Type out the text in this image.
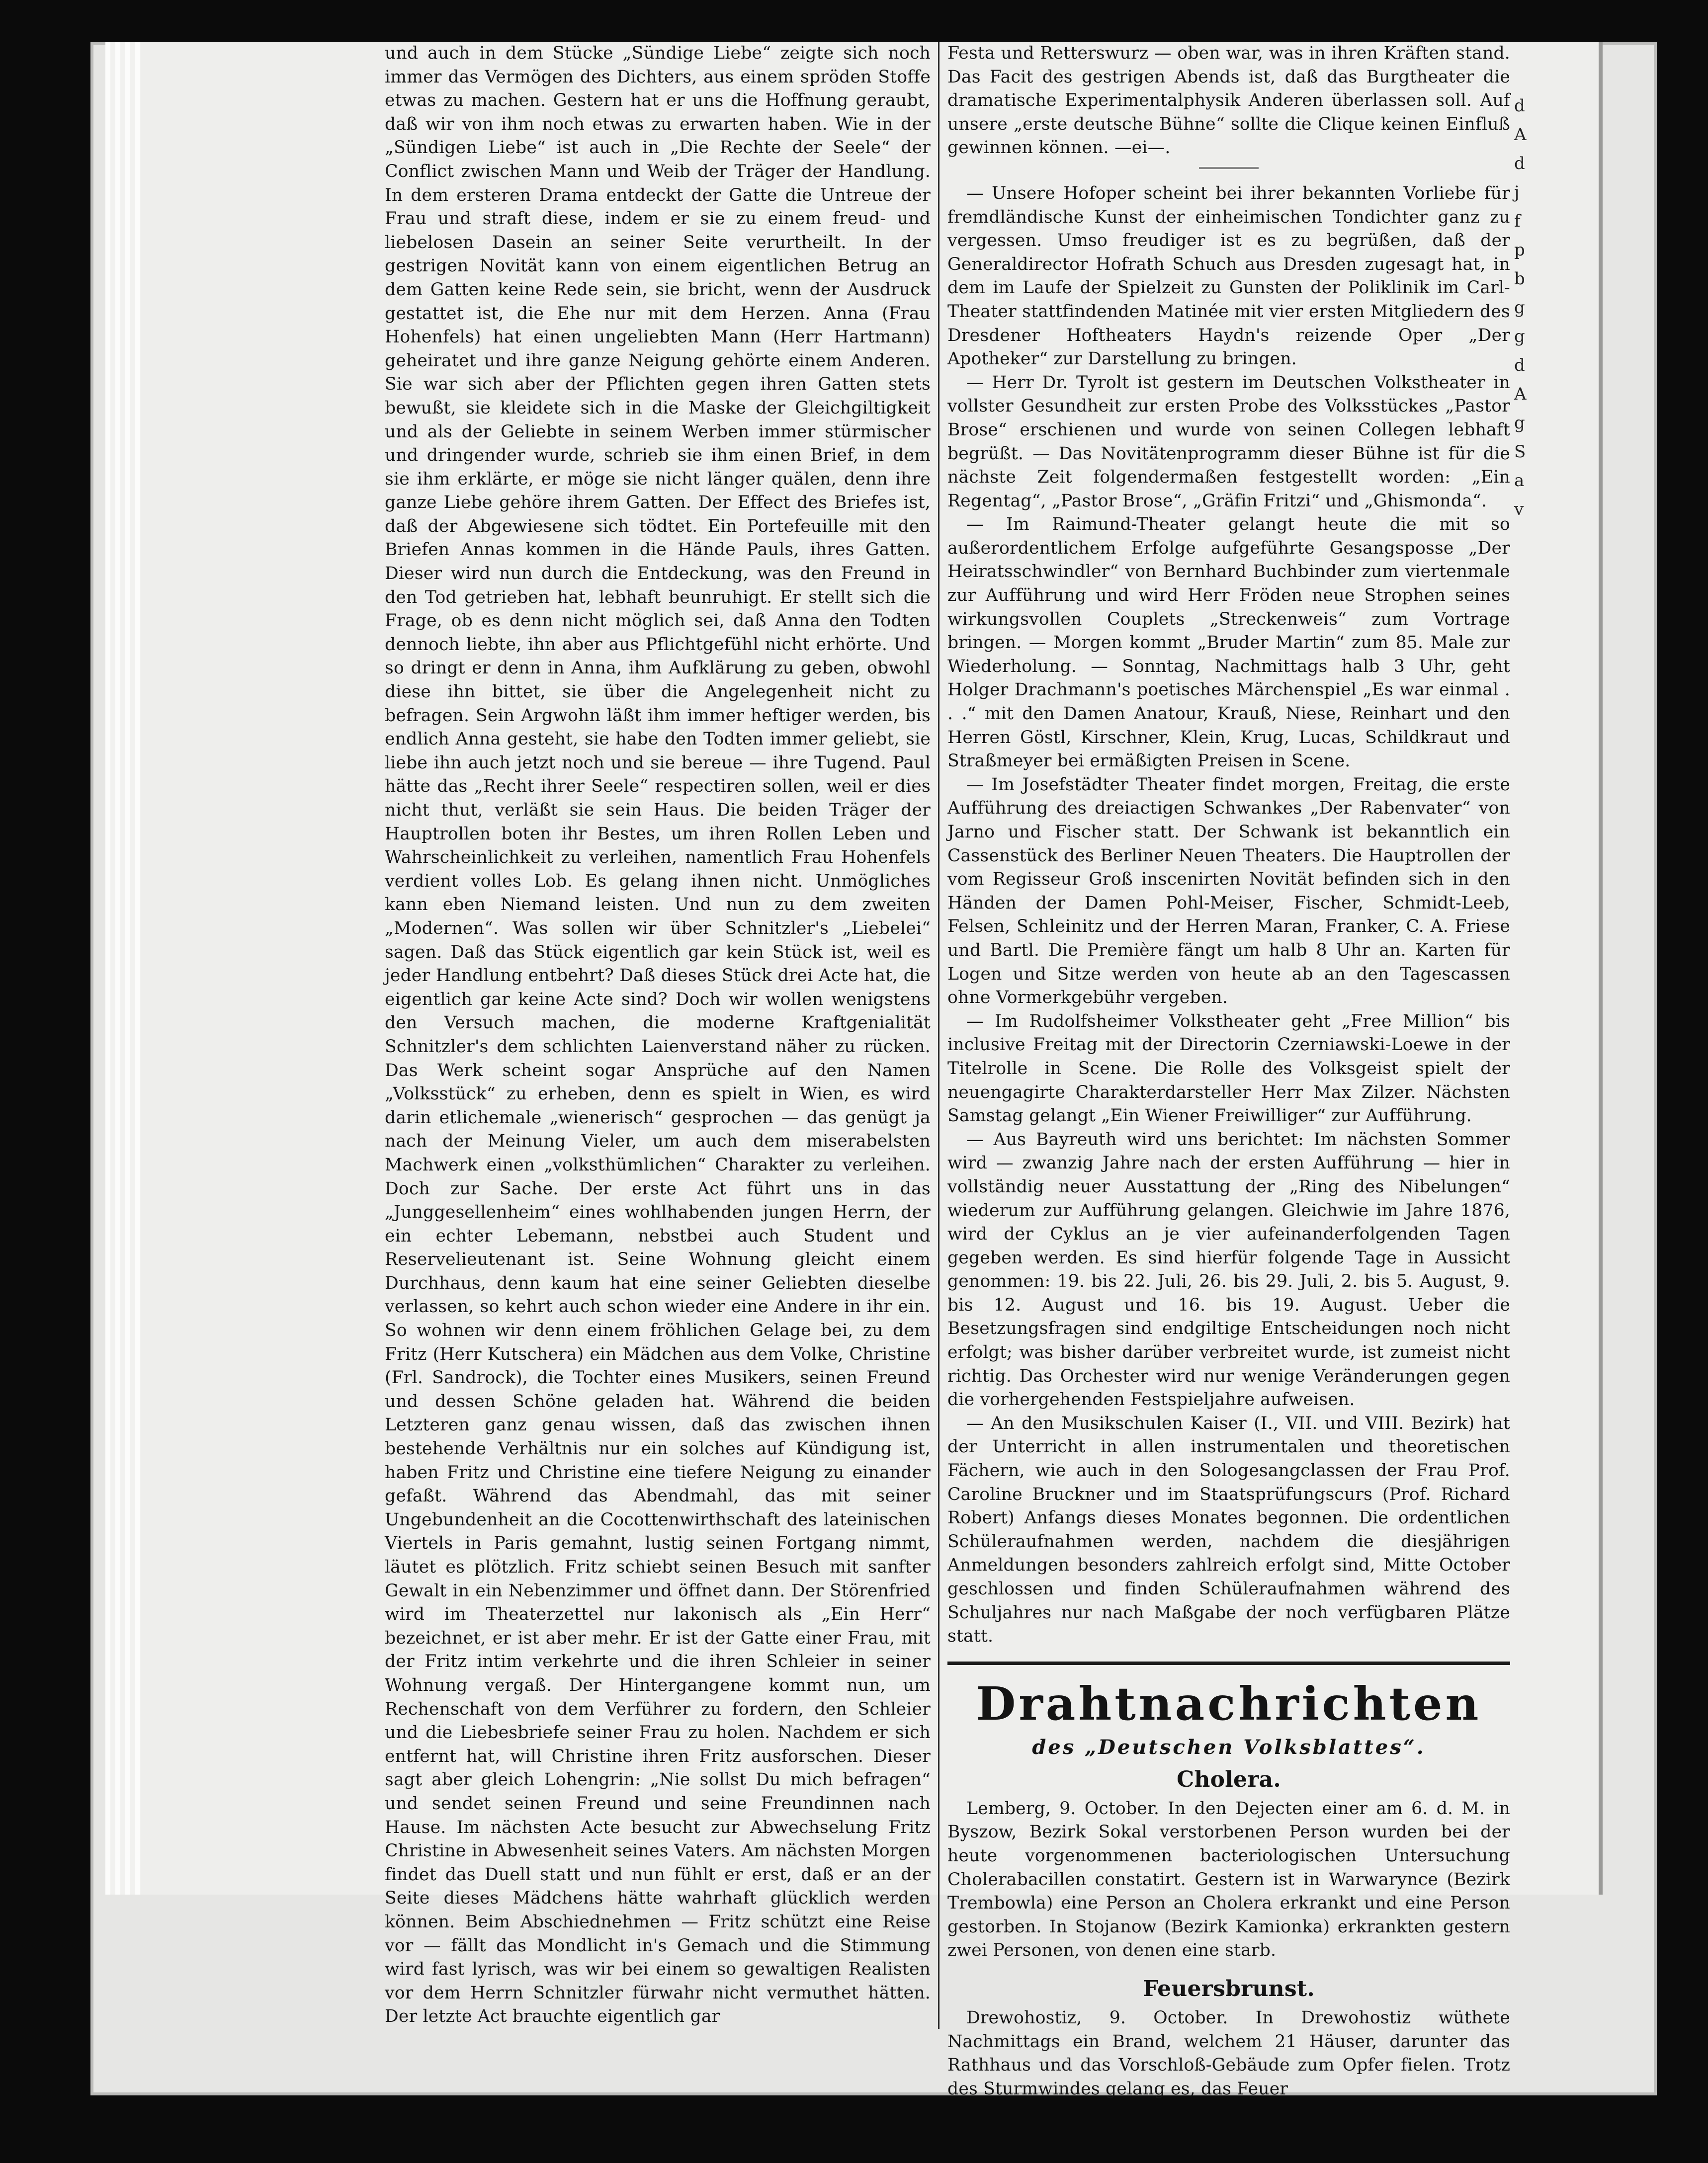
und auch in dem Stücke „Sündige Liebe“ zeigte sich noch immer das Vermögen des Dichters, aus einem spröden Stoffe etwas zu machen. Gestern hat er uns die Hoffnung geraubt, daß wir von ihm noch etwas zu erwarten haben. Wie in der „Sündigen Liebe“ ist auch in „Die Rechte der Seele“ der Conflict zwischen Mann und Weib der Träger der Handlung. In dem ersteren Drama entdeckt der Gatte die Untreue der Frau und straft diese, indem er sie zu einem freud- und liebelosen Dasein an seiner Seite verurtheilt. In der gestrigen Novität kann von einem eigentlichen Betrug an dem Gatten keine Rede sein, sie bricht, wenn der Ausdruck gestattet ist, die Ehe nur mit dem Herzen. Anna (Frau Hohenfels) hat einen ungeliebten Mann (Herr Hartmann) geheiratet und ihre ganze Neigung gehörte einem Anderen. Sie war sich aber der Pflichten gegen ihren Gatten stets bewußt, sie kleidete sich in die Maske der Gleichgiltigkeit und als der Geliebte in seinem Werben immer stürmischer und dringender wurde, schrieb sie ihm einen Brief, in dem sie ihm erklärte, er möge sie nicht länger quälen, denn ihre ganze Liebe gehöre ihrem Gatten. Der Effect des Briefes ist, daß der Abgewiesene sich tödtet. Ein Portefeuille mit den Briefen Annas kommen in die Hände Pauls, ihres Gatten. Dieser wird nun durch die Entdeckung, was den Freund in den Tod getrieben hat, lebhaft beunruhigt. Er stellt sich die Frage, ob es denn nicht möglich sei, daß Anna den Todten dennoch liebte, ihn aber aus Pflichtgefühl nicht erhörte. Und so dringt er denn in Anna, ihm Aufklärung zu geben, obwohl diese ihn bittet, sie über die Angelegenheit nicht zu befragen. Sein Argwohn läßt ihm immer heftiger werden, bis endlich Anna gesteht, sie habe den Todten immer geliebt, sie liebe ihn auch jetzt noch und sie bereue — ihre Tugend. Paul hätte das „Recht ihrer Seele“ respectiren sollen, weil er dies nicht thut, verläßt sie sein Haus. Die beiden Träger der Hauptrollen boten ihr Bestes, um ihren Rollen Leben und Wahrscheinlichkeit zu verleihen, namentlich Frau Hohenfels verdient volles Lob. Es gelang ihnen nicht. Unmögliches kann eben Niemand leisten. Und nun zu dem zweiten „Modernen“. Was sollen wir über Schnitzler's „Liebelei“ sagen. Daß das Stück eigentlich gar kein Stück ist, weil es jeder Handlung entbehrt? Daß dieses Stück drei Acte hat, die eigentlich gar keine Acte sind? Doch wir wollen wenigstens den Versuch machen, die moderne Kraftgenialität Schnitzler's dem schlichten Laienverstand näher zu rücken. Das Werk scheint sogar Ansprüche auf den Namen „Volksstück“ zu erheben, denn es spielt in Wien, es wird darin etlichemale „wienerisch“ gesprochen — das genügt ja nach der Meinung Vieler, um auch dem miserabelsten Machwerk einen „volksthümlichen“ Charakter zu verleihen. Doch zur Sache. Der erste Act führt uns in das „Junggesellenheim“ eines wohlhabenden jungen Herrn, der ein echter Lebemann, nebstbei auch Student und Reservelieutenant ist. Seine Wohnung gleicht einem Durchhaus, denn kaum hat eine seiner Geliebten dieselbe verlassen, so kehrt auch schon wieder eine Andere in ihr ein. So wohnen wir denn einem fröhlichen Gelage bei, zu dem Fritz (Herr Kutschera) ein Mädchen aus dem Volke, Christine (Frl. Sandrock), die Tochter eines Musikers, seinen Freund und dessen Schöne geladen hat. Während die beiden Letzteren ganz genau wissen, daß das zwischen ihnen bestehende Verhältnis nur ein solches auf Kündigung ist, haben Fritz und Christine eine tiefere Neigung zu einander gefaßt. Während das Abendmahl, das mit seiner Ungebundenheit an die Cocottenwirthschaft des lateinischen Viertels in Paris gemahnt, lustig seinen Fortgang nimmt, läutet es plötzlich. Fritz schiebt seinen Besuch mit sanfter Gewalt in ein Nebenzimmer und öffnet dann. Der Störenfried wird im Theaterzettel nur lakonisch als „Ein Herr“ bezeichnet, er ist aber mehr. Er ist der Gatte einer Frau, mit der Fritz intim verkehrte und die ihren Schleier in seiner Wohnung vergaß. Der Hintergangene kommt nun, um Rechenschaft von dem Verführer zu fordern, den Schleier und die Liebesbriefe seiner Frau zu holen. Nachdem er sich entfernt hat, will Christine ihren Fritz ausforschen. Dieser sagt aber gleich Lohengrin: „Nie sollst Du mich befragen“ und sendet seinen Freund und seine Freundinnen nach Hause. Im nächsten Acte besucht zur Abwechselung Fritz Christine in Abwesenheit seines Vaters. Am nächsten Morgen findet das Duell statt und nun fühlt er erst, daß er an der Seite dieses Mädchens hätte wahrhaft glücklich werden können. Beim Abschiednehmen — Fritz schützt eine Reise vor — fällt das Mondlicht in's Gemach und die Stimmung wird fast lyrisch, was wir bei einem so gewaltigen Realisten vor dem Herrn Schnitzler fürwahr nicht vermuthet hätten. Der letzte Act brauchte eigentlich gar

Festa und Retterswurz — oben war, was in ihren Kräften stand. Das Facit des gestrigen Abends ist, daß das Burgtheater die dramatische Experimentalphysik Anderen überlassen soll. Auf unsere „erste deutsche Bühne“ sollte die Clique keinen Einfluß gewinnen können. —ei—.

— Unsere Hofoper scheint bei ihrer bekannten Vorliebe für fremdländische Kunst der einheimischen Tondichter ganz zu vergessen. Umso freudiger ist es zu begrüßen, daß der Generaldirector Hofrath Schuch aus Dresden zugesagt hat, in dem im Laufe der Spielzeit zu Gunsten der Poliklinik im Carl-Theater stattfindenden Matinée mit vier ersten Mitgliedern des Dresdener Hoftheaters Haydn's reizende Oper „Der Apotheker“ zur Darstellung zu bringen.

— Herr Dr. Tyrolt ist gestern im Deutschen Volkstheater in vollster Gesundheit zur ersten Probe des Volksstückes „Pastor Brose“ erschienen und wurde von seinen Collegen lebhaft begrüßt. — Das Novitätenprogramm dieser Bühne ist für die nächste Zeit folgendermaßen festgestellt worden: „Ein Regentag“, „Pastor Brose“, „Gräfin Fritzi“ und „Ghismonda“.

— Im Raimund-Theater gelangt heute die mit so außerordentlichem Erfolge aufgeführte Gesangsposse „Der Heiratsschwindler“ von Bernhard Buchbinder zum viertenmale zur Aufführung und wird Herr Fröden neue Strophen seines wirkungsvollen Couplets „Streckenweis“ zum Vortrage bringen. — Morgen kommt „Bruder Martin“ zum 85. Male zur Wiederholung. — Sonntag, Nachmittags halb 3 Uhr, geht Holger Drachmann's poetisches Märchenspiel „Es war einmal . . .“ mit den Damen Anatour, Krauß, Niese, Reinhart und den Herren Göstl, Kirschner, Klein, Krug, Lucas, Schildkraut und Straßmeyer bei ermäßigten Preisen in Scene.

— Im Josefstädter Theater findet morgen, Freitag, die erste Aufführung des dreiactigen Schwankes „Der Rabenvater“ von Jarno und Fischer statt. Der Schwank ist bekanntlich ein Cassenstück des Berliner Neuen Theaters. Die Hauptrollen der vom Regisseur Groß inscenirten Novität befinden sich in den Händen der Damen Pohl-Meiser, Fischer, Schmidt-Leeb, Felsen, Schleinitz und der Herren Maran, Franker, C. A. Friese und Bartl. Die Première fängt um halb 8 Uhr an. Karten für Logen und Sitze werden von heute ab an den Tagescassen ohne Vormerkgebühr vergeben.

— Im Rudolfsheimer Volkstheater geht „Free Million“ bis inclusive Freitag mit der Directorin Czerniawski-Loewe in der Titelrolle in Scene. Die Rolle des Volksgeist spielt der neuengagirte Charakterdarsteller Herr Max Zilzer. Nächsten Samstag gelangt „Ein Wiener Freiwilliger“ zur Aufführung.

— Aus Bayreuth wird uns berichtet: Im nächsten Sommer wird — zwanzig Jahre nach der ersten Aufführung — hier in vollständig neuer Ausstattung der „Ring des Nibelungen“ wiederum zur Aufführung gelangen. Gleichwie im Jahre 1876, wird der Cyklus an je vier aufeinanderfolgenden Tagen gegeben werden. Es sind hierfür folgende Tage in Aussicht genommen: 19. bis 22. Juli, 26. bis 29. Juli, 2. bis 5. August, 9. bis 12. August und 16. bis 19. August. Ueber die Besetzungsfragen sind endgiltige Entscheidungen noch nicht erfolgt; was bisher darüber verbreitet wurde, ist zumeist nicht richtig. Das Orchester wird nur wenige Veränderungen gegen die vorhergehenden Festspieljahre aufweisen.

— An den Musikschulen Kaiser (I., VII. und VIII. Bezirk) hat der Unterricht in allen instrumentalen und theoretischen Fächern, wie auch in den Sologesangclassen der Frau Prof. Caroline Bruckner und im Staatsprüfungscurs (Prof. Richard Robert) Anfangs dieses Monates begonnen. Die ordentlichen Schüleraufnahmen werden, nachdem die diesjährigen Anmeldungen besonders zahlreich erfolgt sind, Mitte October geschlossen und finden Schüleraufnahmen während des Schuljahres nur nach Maßgabe der noch verfügbaren Plätze statt.

Drahtnachrichten
des „Deutschen Volksblattes“.
Cholera.

Lemberg, 9. October. In den Dejecten einer am 6. d. M. in Byszow, Bezirk Sokal verstorbenen Person wurden bei der heute vorgenommenen bacteriologischen Untersuchung Cholerabacillen constatirt. Gestern ist in Warwarynce (Bezirk Trembowla) eine Person an Cholera erkrankt und eine Person gestorben. In Stojanow (Bezirk Kamionka) erkrankten gestern zwei Personen, von denen eine starb.

Feuersbrunst.

Drewohostiz, 9. October. In Drewohostiz wüthete Nachmittags ein Brand, welchem 21 Häuser, darunter das Rathhaus und das Vorschloß-Gebäude zum Opfer fielen. Trotz des Sturmwindes gelang es, das Feuer

d
A
d
j
f
p
b
g
g
d
A
g
S
a
v
